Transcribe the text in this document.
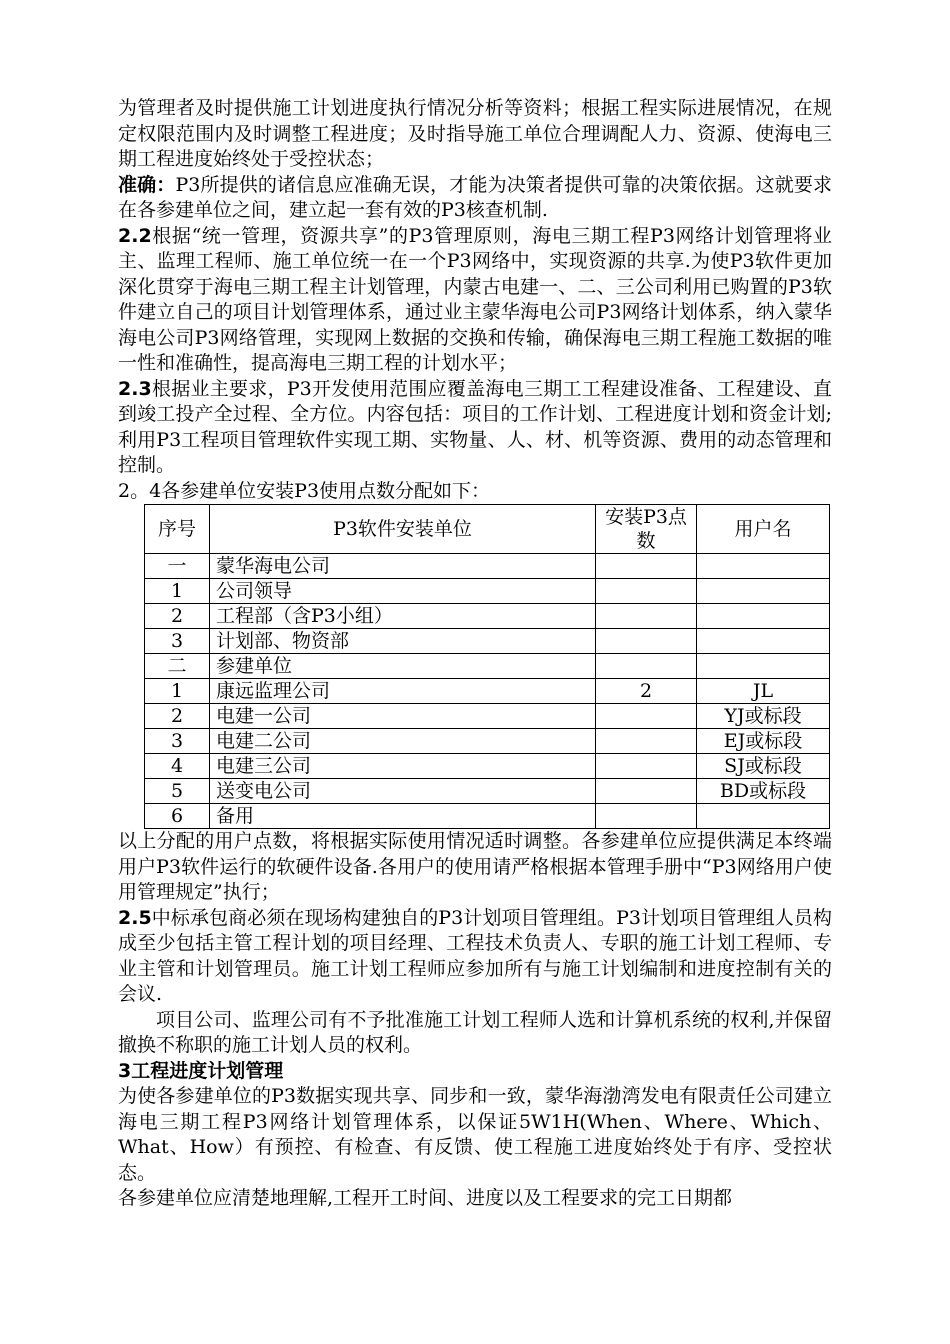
为管理者及时提供施工计划进度执行情况分析等资料；根据工程实际进展情况，在规定权限范围内及时调整工程进度；及时指导施工单位合理调配人力、资源、使海电三期工程进度始终处于受控状态；

准确：P3所提供的诸信息应准确无误，才能为决策者提供可靠的决策依据。这就要求在各参建单位之间，建立起一套有效的P3核查机制.

2.2根据“统一管理，资源共享”的P3管理原则，海电三期工程P3网络计划管理将业主、监理工程师、施工单位统一在一个P3网络中，实现资源的共享.为使P3软件更加深化贯穿于海电三期工程主计划管理，内蒙古电建一、二、三公司利用已购置的P3软件建立自己的项目计划管理体系，通过业主蒙华海电公司P3网络计划体系，纳入蒙华海电公司P3网络管理，实现网上数据的交换和传输，确保海电三期工程施工数据的唯一性和准确性，提高海电三期工程的计划水平；

2.3根据业主要求，P3开发使用范围应覆盖海电三期工工程建设准备、工程建设、直到竣工投产全过程、全方位。内容包括：项目的工作计划、工程进度计划和资金计划;利用P3工程项目管理软件实现工期、实物量、人、材、机等资源、费用的动态管理和控制。

2。4各参建单位安装P3使用点数分配如下：

序号	P3软件安装单位	安装P3点数	用户名
一	蒙华海电公司		
1	公司领导		
2	工程部（含P3小组）		
3	计划部、物资部		
二	参建单位		
1	康远监理公司	2	JL
2	电建一公司		YJ或标段
3	电建二公司		EJ或标段
4	电建三公司		SJ或标段
5	送变电公司		BD或标段
6	备用		

以上分配的用户点数，将根据实际使用情况适时调整。各参建单位应提供满足本终端用户P3软件运行的软硬件设备.各用户的使用请严格根据本管理手册中“P3网络用户使用管理规定”执行；

2.5中标承包商必须在现场构建独自的P3计划项目管理组。P3计划项目管理组人员构成至少包括主管工程计划的项目经理、工程技术负责人、专职的施工计划工程师、专业主管和计划管理员。施工计划工程师应参加所有与施工计划编制和进度控制有关的会议.

项目公司、监理公司有不予批准施工计划工程师人选和计算机系统的权利,并保留撤换不称职的施工计划人员的权利。

3工程进度计划管理

为使各参建单位的P3数据实现共享、同步和一致，蒙华海渤湾发电有限责任公司建立海电三期工程P3网络计划管理体系，以保证5W1H(When、Where、Which、What、How）有预控、有检查、有反馈、使工程施工进度始终处于有序、受控状态。

各参建单位应清楚地理解,工程开工时间、进度以及工程要求的完工日期都
